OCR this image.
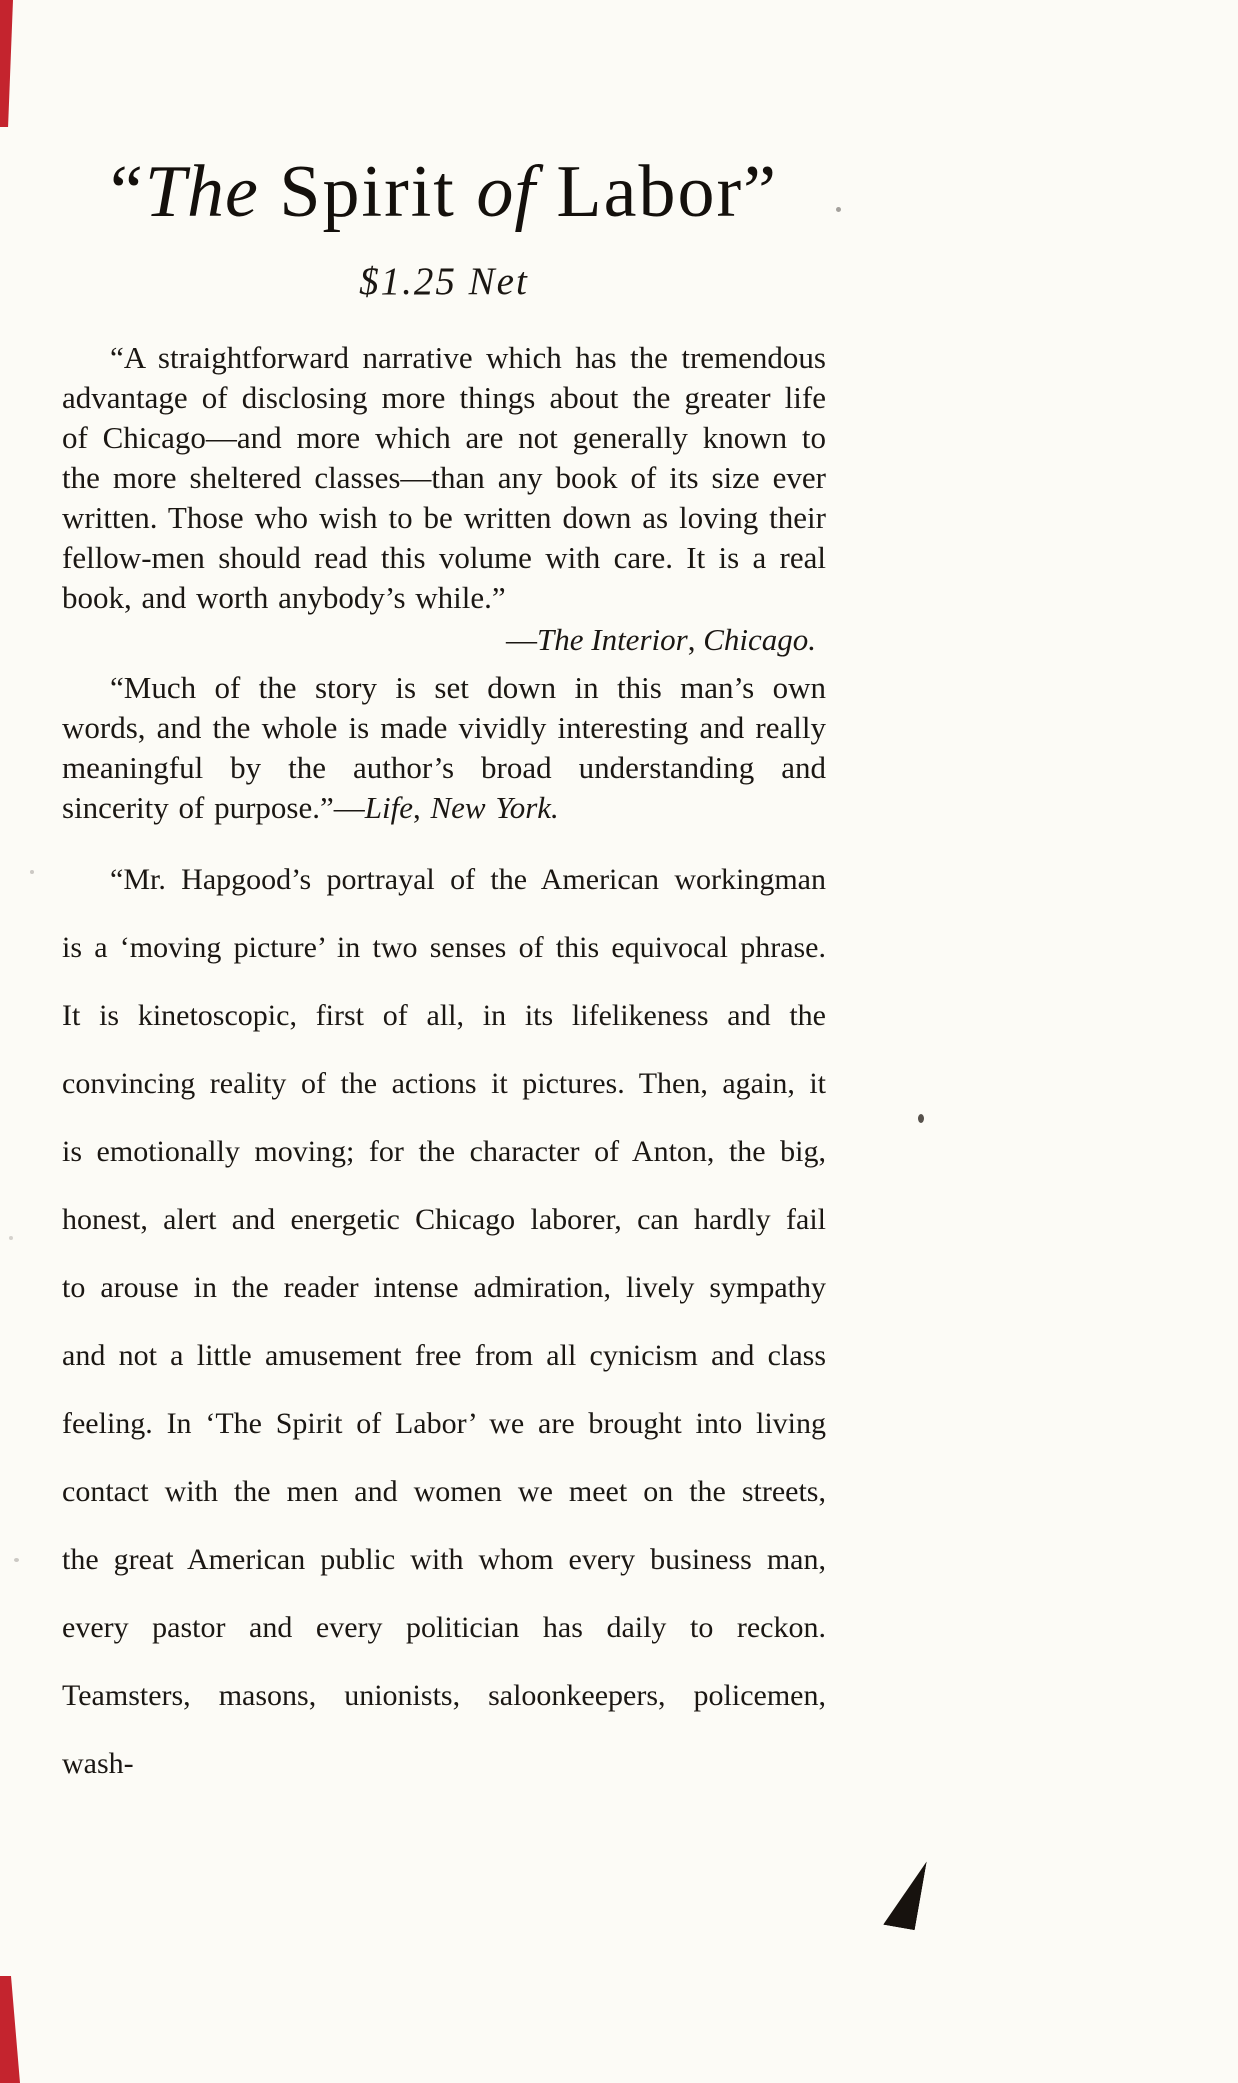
“The Spirit of Labor”
$1.25 Net

“A straightforward narrative which has the tremendous advantage of disclosing more things about the greater life of Chicago—and more which are not generally known to the more sheltered classes—than any book of its size ever written. Those who wish to be written down as loving their fellow-men should read this volume with care. It is a real book, and worth anybody’s while.”

—The Interior, Chicago.

“Much of the story is set down in this man’s own words, and the whole is made vividly interesting and really meaningful by the author’s broad understanding and sincerity of purpose.”—Life, New York.

“Mr. Hapgood’s portrayal of the American workingman is a ‘moving picture’ in two senses of this equivocal phrase. It is kinetoscopic, first of all, in its lifelikeness and the convincing reality of the actions it pictures. Then, again, it is emotionally moving; for the character of Anton, the big, honest, alert and energetic Chicago laborer, can hardly fail to arouse in the reader intense admiration, lively sympathy and not a little amusement free from all cynicism and class feeling. In ‘The Spirit of Labor’ we are brought into living contact with the men and women we meet on the streets, the great American public with whom every business man, every pastor and every politician has daily to reckon. Teamsters, masons, unionists, saloonkeepers, policemen, wash-
